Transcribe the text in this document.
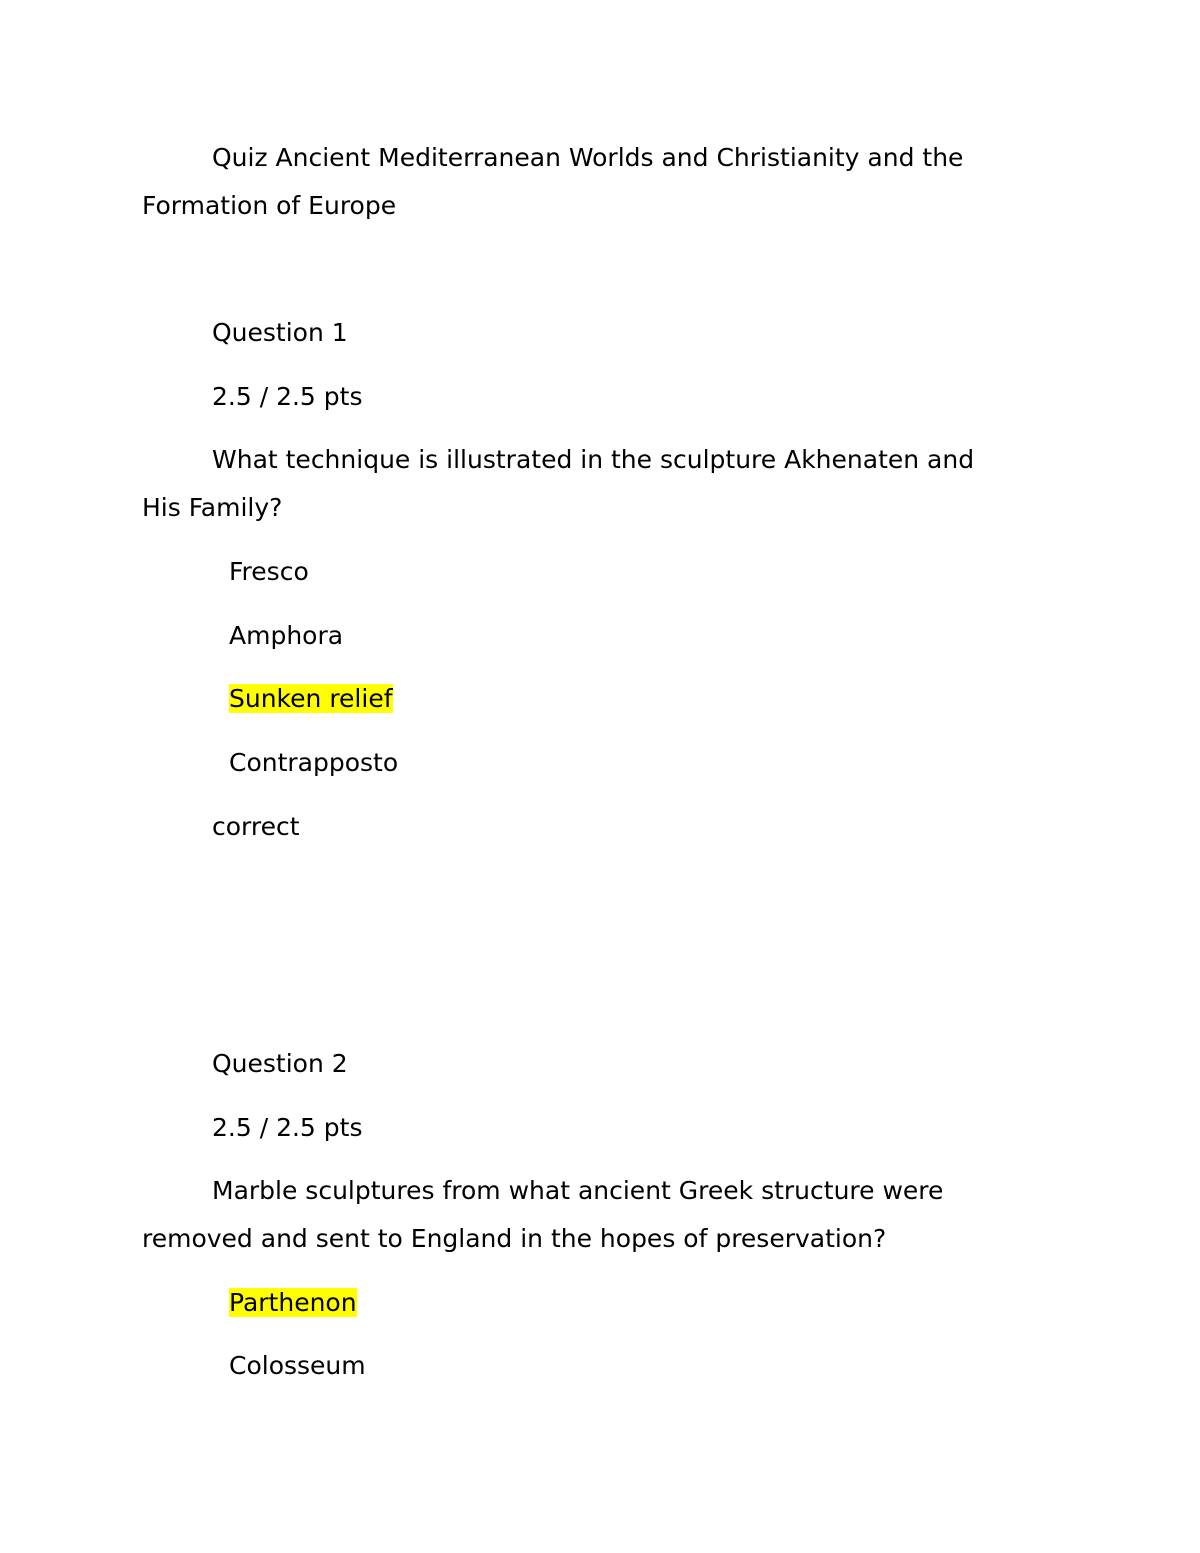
Quiz Ancient Mediterranean Worlds and Christianity and the
Formation of Europe
Question 1
2.5 / 2.5 pts
What technique is illustrated in the sculpture Akhenaten and
His Family?
Fresco
Amphora
Sunken relief
Contrapposto
correct
Question 2
2.5 / 2.5 pts
Marble sculptures from what ancient Greek structure were
removed and sent to England in the hopes of preservation?
Parthenon
Colosseum
